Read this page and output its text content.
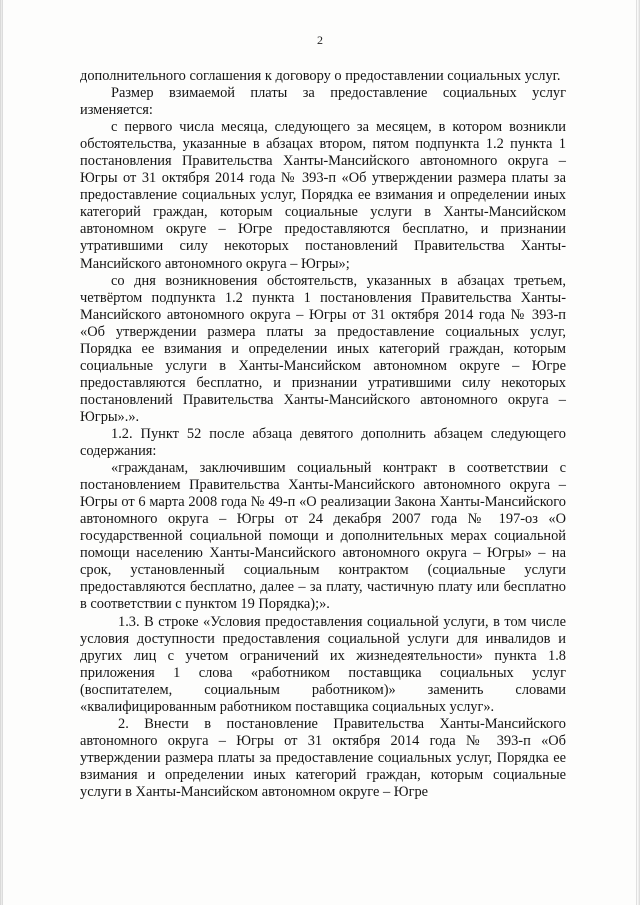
2

дополнительного соглашения к договору о предоставлении социальных услуг.

Размер взимаемой платы за предоставление социальных услуг изменяется:

с первого числа месяца, следующего за месяцем, в котором возникли обстоятельства, указанные в абзацах втором, пятом подпункта 1.2 пункта 1 постановления Правительства Ханты-Мансийского автономного округа – Югры от 31 октября 2014 года № 393-п «Об утверждении размера платы за предоставление социальных услуг, Порядка ее взимания и определении иных категорий граждан, которым социальные услуги в Ханты-Мансийском автономном округе – Югре предоставляются бесплатно, и признании утратившими силу некоторых постановлений Правительства Ханты-Мансийского автономного округа – Югры»;

со дня возникновения обстоятельств, указанных в абзацах третьем, четвёртом подпункта 1.2 пункта 1 постановления Правительства Ханты-Мансийского автономного округа – Югры от 31 октября 2014 года № 393-п «Об утверждении размера платы за предоставление социальных услуг, Порядка ее взимания и определении иных категорий граждан, которым социальные услуги в Ханты-Мансийском автономном округе – Югре предоставляются бесплатно, и признании утратившими силу некоторых постановлений Правительства Ханты-Мансийского автономного округа – Югры».».

1.2. Пункт 52 после абзаца девятого дополнить абзацем следующего содержания:

«гражданам, заключившим социальный контракт в соответствии с постановлением Правительства Ханты-Мансийского автономного округа – Югры от 6 марта 2008 года № 49-п «О реализации Закона Ханты-Мансийского автономного округа – Югры от 24 декабря 2007 года № 197-оз «О государственной социальной помощи и дополнительных мерах социальной помощи населению Ханты-Мансийского автономного округа – Югры» – на срок, установленный социальным контрактом (социальные услуги предоставляются бесплатно, далее – за плату, частичную плату или бесплатно в соответствии с пунктом 19 Порядка);».

1.3. В строке «Условия предоставления социальной услуги, в том числе условия доступности предоставления социальной услуги для инвалидов и других лиц с учетом ограничений их жизнедеятельности» пункта 1.8 приложения 1 слова «работником поставщика социальных услуг (воспитателем, социальным работником)» заменить словами «квалифицированным работником поставщика социальных услуг».

2. Внести в постановление Правительства Ханты-Мансийского автономного округа – Югры от 31 октября 2014 года № 393-п «Об утверждении размера платы за предоставление социальных услуг, Порядка ее взимания и определении иных категорий граждан, которым социальные услуги в Ханты-Мансийском автономном округе – Югре
